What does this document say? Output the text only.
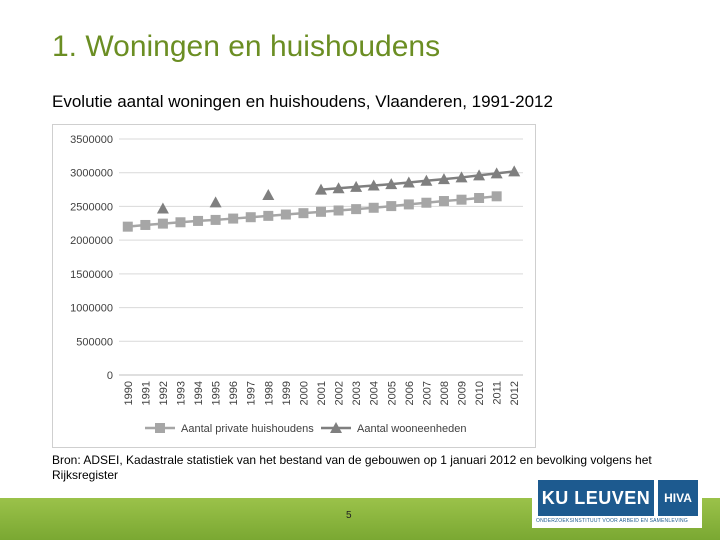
1. Woningen en huishoudens
Evolutie aantal woningen en huishoudens, Vlaanderen, 1991-2012
3500000
3000000
2500000
2000000
1500000
1000000
500000
0
1990 1991 1992 1993 1994 1995 1996 1997 1998 1999 2000 2001 2002 2003 2004 2005 2006 2007 2008 2009 2010 2011 2012
Aantal private huishoudens	Aantal wooneenheden
Bron: ADSEI, Kadastrale statistiek van het bestand van de gebouwen op 1 januari 2012 en bevolking volgens het Rijksregister
5
KU LEUVEN	HIVA
ONDERZOEKSINSTITUUT VOOR ARBEID EN SAMENLEVING
